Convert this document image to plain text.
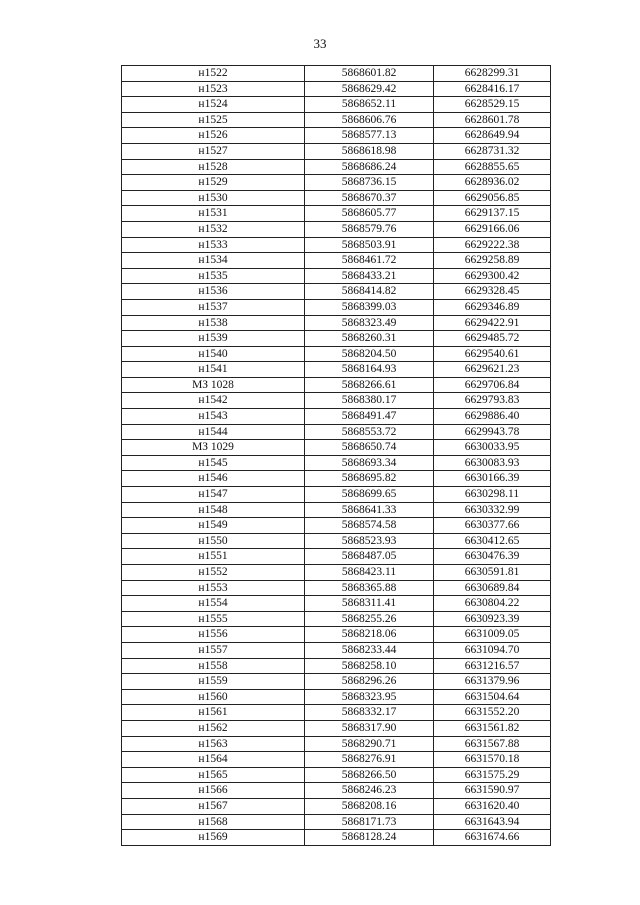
33
н1522	5868601.82	6628299.31
н1523	5868629.42	6628416.17
н1524	5868652.11	6628529.15
н1525	5868606.76	6628601.78
н1526	5868577.13	6628649.94
н1527	5868618.98	6628731.32
н1528	5868686.24	6628855.65
н1529	5868736.15	6628936.02
н1530	5868670.37	6629056.85
н1531	5868605.77	6629137.15
н1532	5868579.76	6629166.06
н1533	5868503.91	6629222.38
н1534	5868461.72	6629258.89
н1535	5868433.21	6629300.42
н1536	5868414.82	6629328.45
н1537	5868399.03	6629346.89
н1538	5868323.49	6629422.91
н1539	5868260.31	6629485.72
н1540	5868204.50	6629540.61
н1541	5868164.93	6629621.23
МЗ 1028	5868266.61	6629706.84
н1542	5868380.17	6629793.83
н1543	5868491.47	6629886.40
н1544	5868553.72	6629943.78
МЗ 1029	5868650.74	6630033.95
н1545	5868693.34	6630083.93
н1546	5868695.82	6630166.39
н1547	5868699.65	6630298.11
н1548	5868641.33	6630332.99
н1549	5868574.58	6630377.66
н1550	5868523.93	6630412.65
н1551	5868487.05	6630476.39
н1552	5868423.11	6630591.81
н1553	5868365.88	6630689.84
н1554	5868311.41	6630804.22
н1555	5868255.26	6630923.39
н1556	5868218.06	6631009.05
н1557	5868233.44	6631094.70
н1558	5868258.10	6631216.57
н1559	5868296.26	6631379.96
н1560	5868323.95	6631504.64
н1561	5868332.17	6631552.20
н1562	5868317.90	6631561.82
н1563	5868290.71	6631567.88
н1564	5868276.91	6631570.18
н1565	5868266.50	6631575.29
н1566	5868246.23	6631590.97
н1567	5868208.16	6631620.40
н1568	5868171.73	6631643.94
н1569	5868128.24	6631674.66
